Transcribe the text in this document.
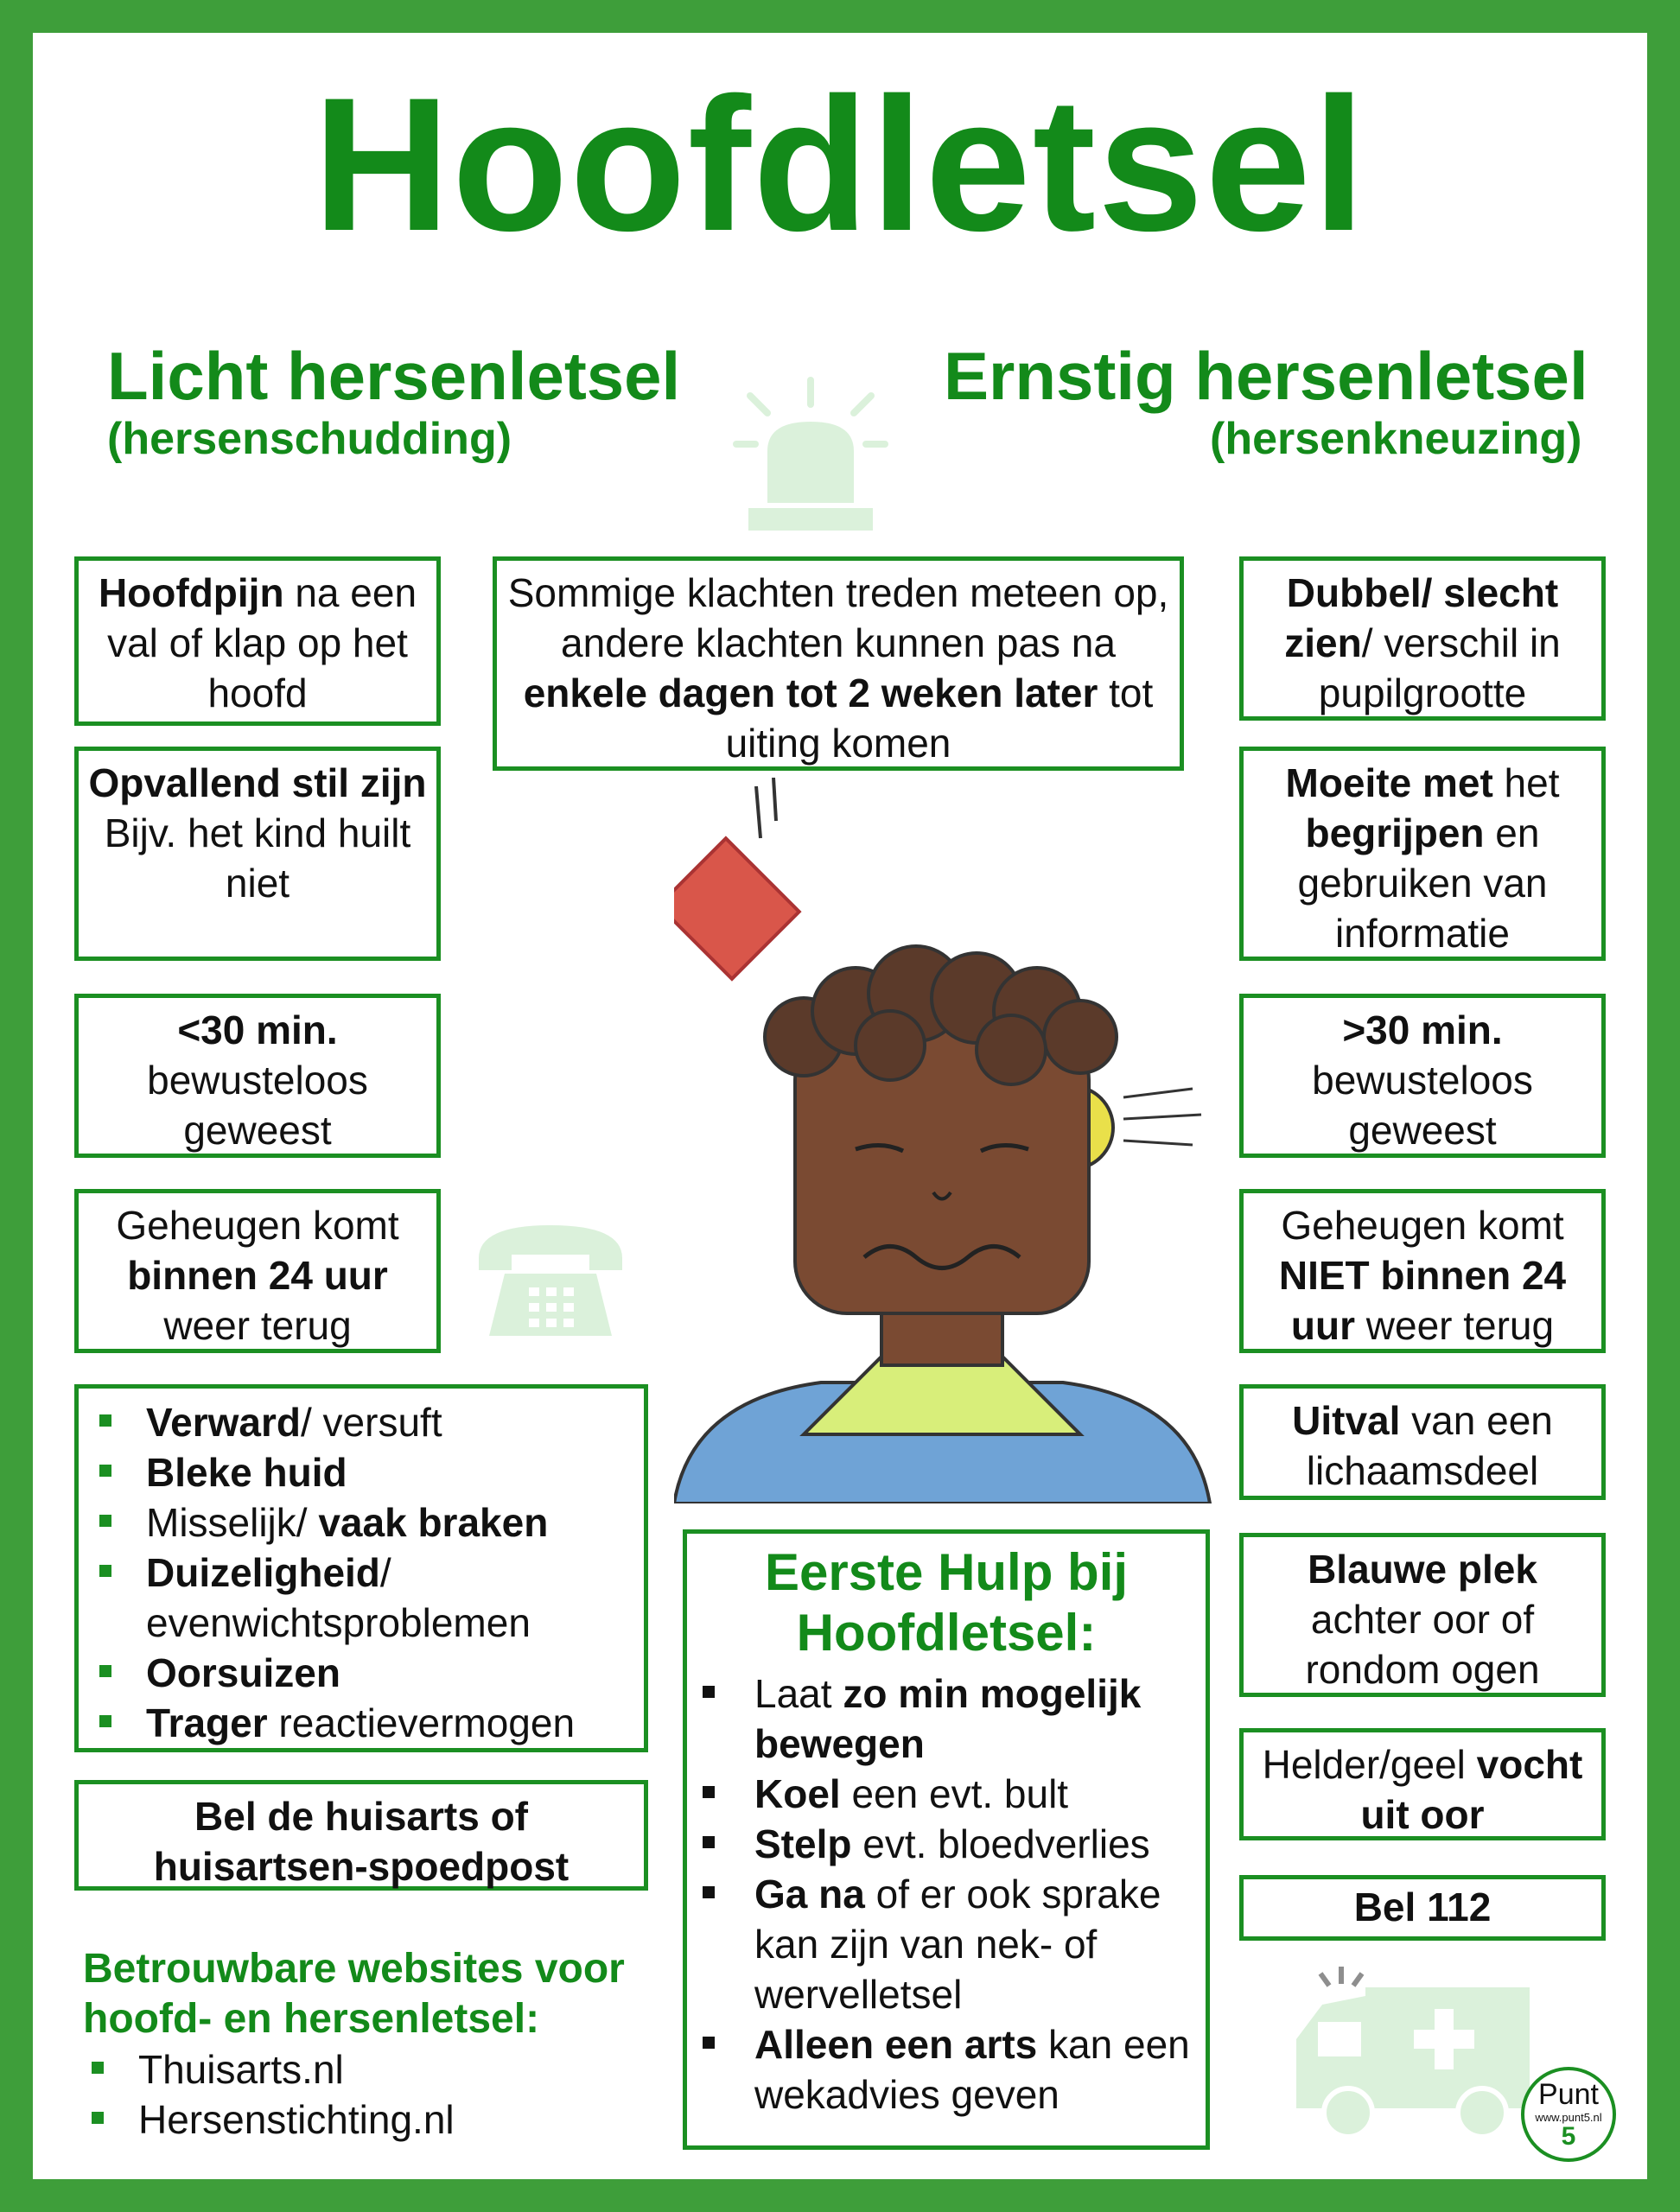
Hoofdletsel
Licht hersenletsel
(hersenschudding)
Ernstig hersenletsel
(hersenkneuzing)
Hoofdpijn na een val of klap op het hoofd
Opvallend stil zijn
Bijv. het kind huilt niet
<30 min.
bewusteloos geweest
Geheugen komt binnen 24 uur weer terug
Verward/ versuft
Bleke huid
Misselijk/ vaak braken
Duizeligheid/ evenwichtsproblemen
Oorsuizen
Trager reactievermogen
Bel de huisarts of huisartsen-spoedpost
Betrouwbare websites voor hoofd- en hersenletsel:
Thuisarts.nl
Hersenstichting.nl
Sommige klachten treden meteen op, andere klachten kunnen pas na enkele dagen tot 2 weken later tot uiting komen
Eerste Hulp bij Hoofdletsel:
Laat zo min mogelijk bewegen
Koel een evt. bult
Stelp evt. bloedverlies
Ga na of er ook sprake kan zijn van nek- of wervelletsel
Alleen een arts kan een wekadvies geven
Dubbel/ slecht zien/ verschil in pupilgrootte
Moeite met het begrijpen en gebruiken van informatie
>30 min.
bewusteloos geweest
Geheugen komt NIET binnen 24 uur weer terug
Uitval van een lichaamsdeel
Blauwe plek achter oor of rondom ogen
Helder/geel vocht uit oor
Bel 112
Punt
www.punt5.nl
5
